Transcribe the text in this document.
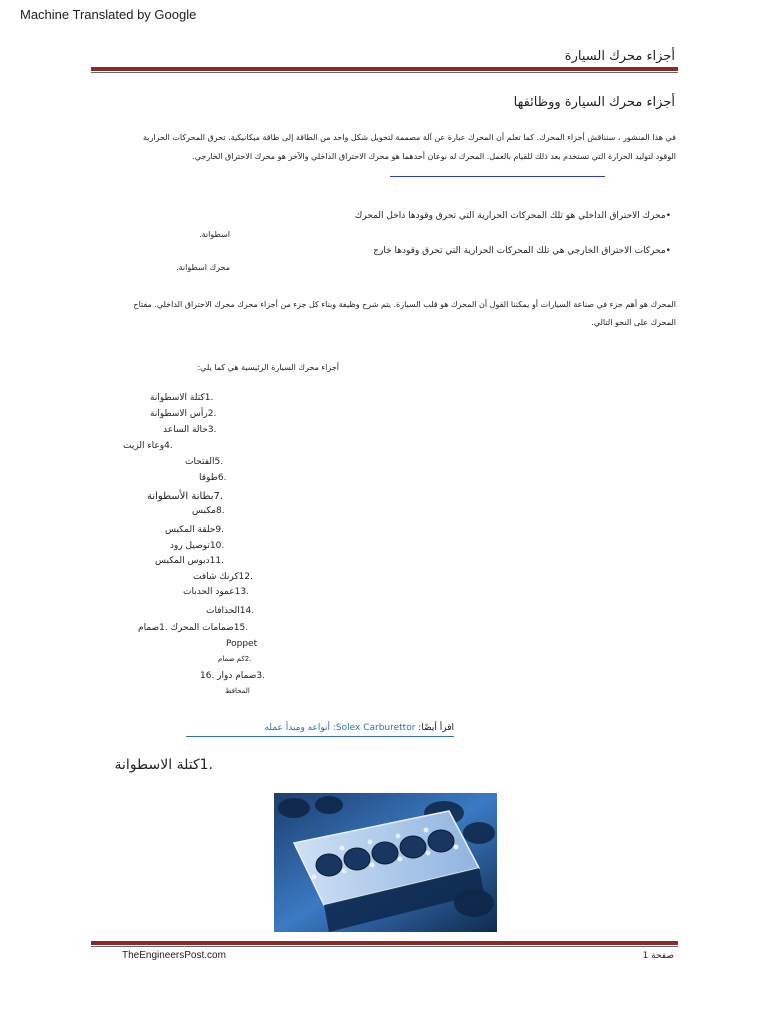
Machine Translated by Google
أجزاء محرك السيارة
أجزاء محرك السيارة ووظائفها
في هذا المنشور ، سنناقش أجزاء المحرك. كما تعلم أن المحرك عبارة عن آلة مصممة لتحويل شكل واحد من الطاقة إلى طاقة ميكانيكية. تحرق المحركات الحرارية
الوقود لتوليد الحرارة التي تستخدم بعد ذلك للقيام بالعمل. المحرك له نوعان أحدهما هو محرك الاحتراق الداخلي والآخر هو محرك الاحتراق الخارجي.
•محرك الاحتراق الداخلي هو تلك المحركات الحرارية التي تحرق وقودها داخل المحرك
اسطوانة.
•محركات الاحتراق الخارجي هي تلك المحركات الحرارية التي تحرق وقودها خارج
محرك اسطوانة.
المحرك هو أهم جزء في صناعة السيارات أو يمكننا القول أن المحرك هو قلب السيارة. يتم شرح وظيفة وبناء كل جزء من أجزاء محرك محرك الاحتراق الداخلي. مفتاح
المحرك على النحو التالي.
أجزاء محرك السيارة الرئيسية هي كما يلي:
.1كتلة الاسطوانة
.2رأس الاسطوانة
.3حالة الساعد
.4وعاء الزيت
.5الفتحات
.6طوقا
.7بطانة الأسطوانة
.8مكبس
.9حلقة المكبس
.10توصيل رود
.11دبوس المكبس
.12كرنك شافت
.13عمود الحدبات
.14الحذافات
.15صمامات المحرك .1صمام
Poppet
.2كم صمام
.3صمام دوار .16
المحافظ
اقرأ أيضًا: Solex Carburettor: أنواعه ومبدأ عمله
.1كتلة الاسطوانة
TheEngineersPost.com	صفحة 1
